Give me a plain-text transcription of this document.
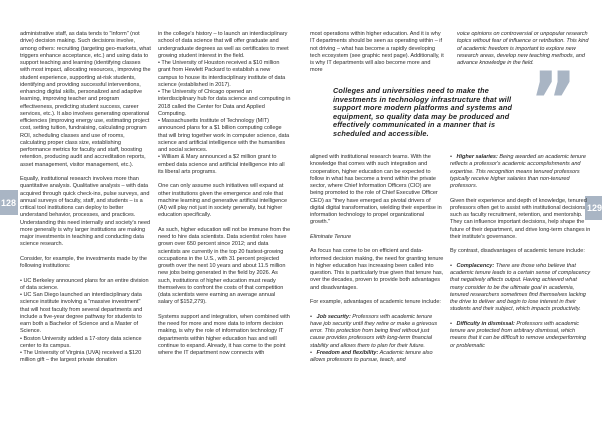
128
129

administrative staff, as data tends to "inform" (not drive) decision making. Such decisions involve, among others: recruiting (targeting geo-markets, what triggers enhance acceptance, etc.) and using data to support teaching and learning (identifying classes with most impact, allocating resources,, improving the student experience, supporting at-risk students, identifying and providing successful interventions, enhancing digital skills, personalized and adaptive learning, improving teacher and program effectiveness, predicting student success, career services, etc.). It also involves generating operational efficiencies (improving energy use, estimating project cost, setting tuition, fundraising, calculating program ROI, scheduling classes and use of rooms, calculating proper class size, establishing performance metrics for faculty and staff, boosting retention, producing audit and accreditation reports, asset management, visitor management, etc.).

Equally, institutional research involves more than quantitative analysis. Qualitative analysis – with data acquired through quick check-ins, pulse surveys, and annual surveys of faculty, staff, and students – is a critical tool institutions can deploy to better understand behavior, processes, and practices. Understanding this need internally and society's need more generally is why larger institutions are making major investments in teaching and conducting data science research.

Consider, for example, the investments made by the following institutions:

• UC Berkeley announced plans for an entire division of data science.

• UC San Diego launched an interdisciplinary data science institute involving a "massive investment" that will host faculty from several departments and include a five-year degree pathway for students to earn both a Bachelor of Science and a Master of Science.

• Boston University added a 17-story data science center to its campus.

• The University of Virginia (UVA) received a $120 million gift – the largest private donation

in the college's history – to launch an interdisciplinary school of data science that will offer graduate and undergraduate degrees as well as certificates to meet growing student interest in the field.

• The University of Houston received a $10 million grant from Hewlett Packard to establish a new campus to house its interdisciplinary institute of data science (established in 2017).

• The University of Chicago opened an interdisciplinary hub for data science and computing in 2018 called the Center for Data and Applied Computing.

• Massachusetts Institute of Technology (MIT) announced plans for a $1 billion computing college that will bring together work in computer science, data science and artificial intelligence with the humanities and social sciences.

• William & Mary announced a $2 million grant to embed data science and artificial intelligence into all its liberal arts programs.

One can only assume such initiatives will expand at other institutions given the emergence and role that machine learning and generative artificial intelligence (AI) will play not just in society generally, but higher education specifically.

As such, higher education will not be immune from the need to hire data scientists. Data scientist roles have grown over 650 percent since 2012; and data scientists are currently in the top 20 fastest-growing occupations in the U.S., with 31 percent projected growth over the next 10 years and about 11.5 million new jobs being generated in the field by 2026. As such, institutions of higher education must ready themselves to confront the costs of that competition (data scientists were earning an average annual salary of $152,279).

Systems support and integration, when combined with the need for more and more data to inform decision making, is why the role of information technology IT departments within higher education has and will continue to expand. Already, it has come to the point where the IT department now connects with

most operations within higher education. And it is why IT departments should be seen as operating within – if not driving – what has become a rapidly developing tech ecosystem (see graphic next page). Additionally, it is why IT departments will also become more and more

Colleges and universities need to make the investments in technology infrastructure that will support more modern platforms and systems and equipment, so quality data may be produced and effectively communicated in a manner that is scheduled and accessible.	”

aligned with institutional research teams. With the knowledge that comes with such integration and cooperation, higher education can be expected to follow in what has become a trend within the private sector, where Chief Information Officers (CIO) are being promoted to the role of Chief Executive Officer CEO) as "they have emerged as pivotal drivers of digital digital transformation, wielding their expertise in information technology to propel organizational growth."

Eliminate Tenure

As focus has come to be on efficient and data-informed decision making, the need for granting tenure in higher education has increasing been called into question. This is particularly true given that tenure has, over the decades, proven to provide both advantages and disadvantages.

For example, advantages of academic tenure include:

• Job security: Professors with academic tenure have job security until they retire or make a grievous error. This protection from being fired without just cause provides professors with long-term financial stability and allows them to plan for their future.

• Freedom and flexibility: Academic tenure also allows professors to pursue, teach, and

voice opinions on controversial or unpopular research topics without fear of influence or retribution. This kind of academic freedom is important to explore new research areas, develop new teaching methods, and advance knowledge in the field.

• Higher salaries: Being awarded an academic tenure reflects a professor's academic accomplishments and expertise. This recognition means tenured professors typically receive higher salaries than non-tenured professors.

Given their experience and depth of knowledge, tenured professors often get to assist with institutional decisions such as faculty recruitment, retention, and mentorship. They can influence important decisions, help shape the future of their department, and drive long-term changes in their institute's governance.

By contrast, disadvantages of academic tenure include:

• Complacency: There are those who believe that academic tenure leads to a certain sense of complacency that negatively affects output. Having achieved what many consider to be the ultimate goal in academia, tenured researchers sometimes find themselves lacking the drive to deliver and begin to lose interest in their students and their subject, which impacts productivity.

• Difficulty in dismissal: Professors with academic tenure are protected from arbitrary dismissal, which means that it can be difficult to remove underperforming or problematic
